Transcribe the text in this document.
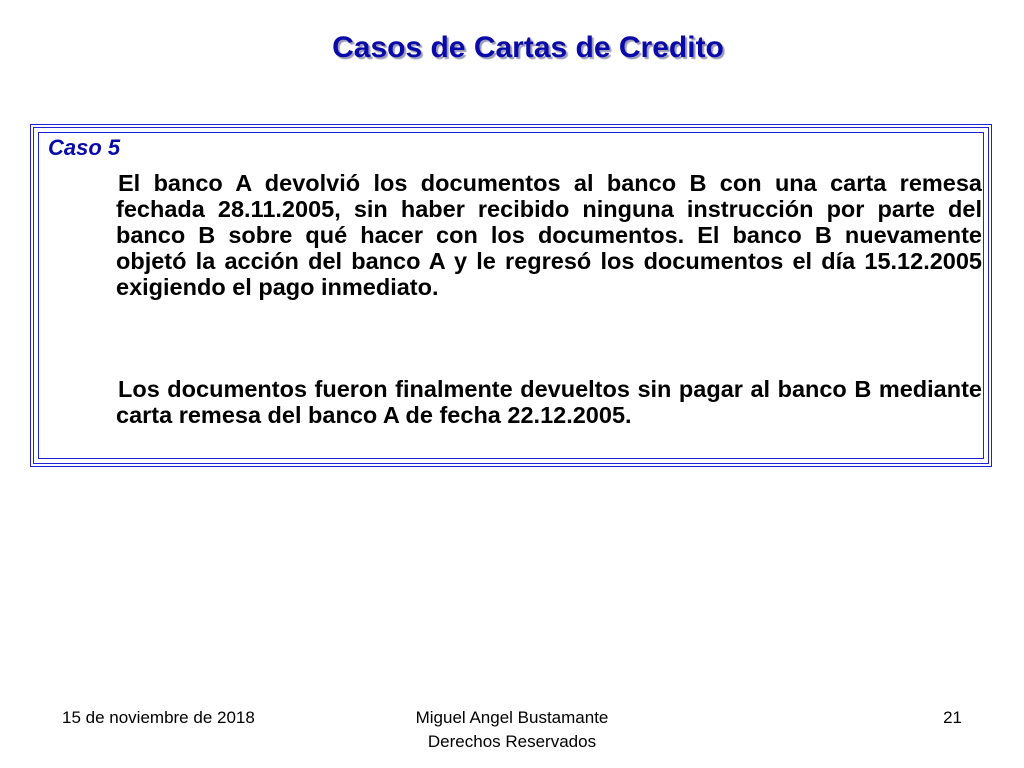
Casos de Cartas de Credito
Caso 5
El banco A devolvió los documentos al banco B con una carta remesa fechada 28.11.2005, sin haber recibido ninguna instrucción por parte del banco B sobre qué hacer con los documentos. El banco B nuevamente objetó la acción del banco A y le regresó los documentos el día 15.12.2005 exigiendo el pago inmediato.
Los documentos fueron finalmente devueltos sin pagar al banco B mediante carta remesa del banco A de fecha 22.12.2005.
15 de noviembre de 2018	Miguel Angel Bustamante
Derechos Reservados
21
